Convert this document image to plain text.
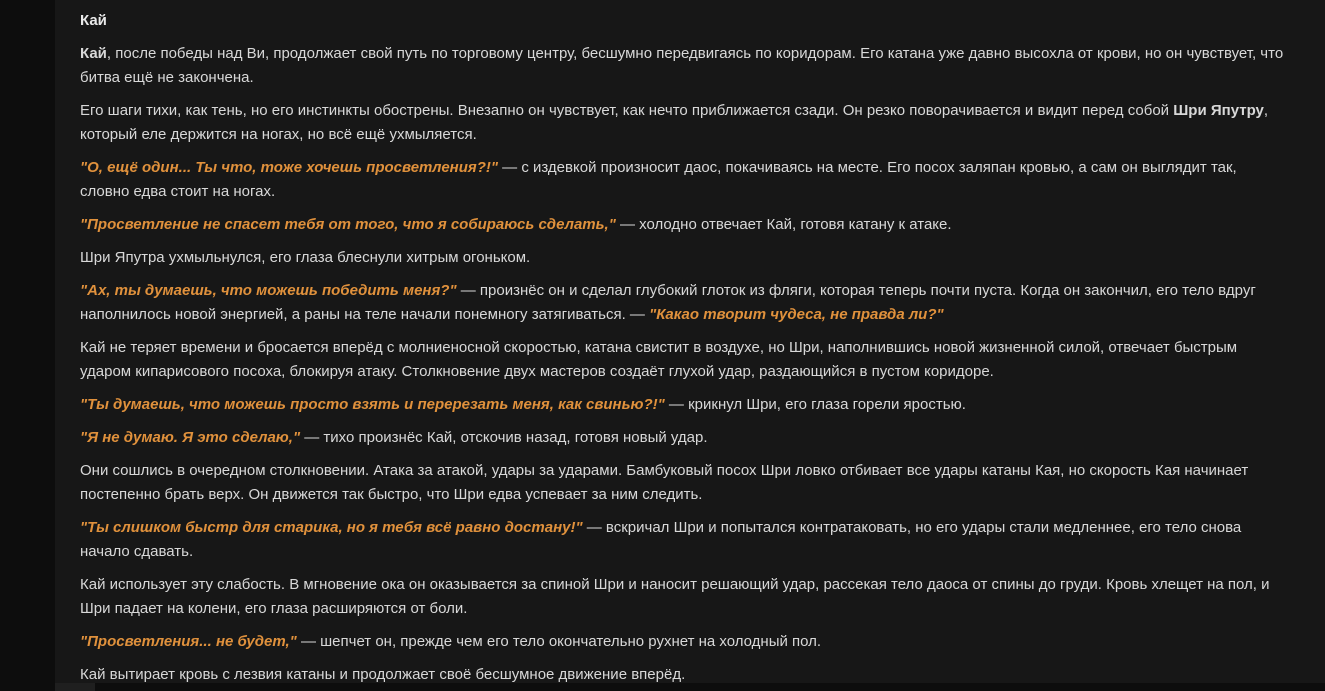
Кай

Кай, после победы над Ви, продолжает свой путь по торговому центру, бесшумно передвигаясь по коридорам. Его катана уже давно высохла от крови, но он чувствует, что битва ещё не закончена.

Его шаги тихи, как тень, но его инстинкты обострены. Внезапно он чувствует, как нечто приближается сзади. Он резко поворачивается и видит перед собой Шри Япутру, который еле держится на ногах, но всё ещё ухмыляется.

"О, ещё один... Ты что, тоже хочешь просветления?!" — с издевкой произносит даос, покачиваясь на месте. Его посох заляпан кровью, а сам он выглядит так, словно едва стоит на ногах.

"Просветление не спасет тебя от того, что я собираюсь сделать," — холодно отвечает Кай, готовя катану к атаке.

Шри Япутра ухмыльнулся, его глаза блеснули хитрым огоньком.

"Ах, ты думаешь, что можешь победить меня?" — произнёс он и сделал глубокий глоток из фляги, которая теперь почти пуста. Когда он закончил, его тело вдруг наполнилось новой энергией, а раны на теле начали понемногу затягиваться. — "Какао творит чудеса, не правда ли?"

Кай не теряет времени и бросается вперёд с молниеносной скоростью, катана свистит в воздухе, но Шри, наполнившись новой жизненной силой, отвечает быстрым ударом кипарисового посоха, блокируя атаку. Столкновение двух мастеров создаёт глухой удар, раздающийся в пустом коридоре.

"Ты думаешь, что можешь просто взять и перерезать меня, как свинью?!" — крикнул Шри, его глаза горели яростью.

"Я не думаю. Я это сделаю," — тихо произнёс Кай, отскочив назад, готовя новый удар.

Они сошлись в очередном столкновении. Атака за атакой, удары за ударами. Бамбуковый посох Шри ловко отбивает все удары катаны Кая, но скорость Кая начинает постепенно брать верх. Он движется так быстро, что Шри едва успевает за ним следить.

"Ты слишком быстр для старика, но я тебя всё равно достану!" — вскричал Шри и попытался контратаковать, но его удары стали медленнее, его тело снова начало сдавать.

Кай использует эту слабость. В мгновение ока он оказывается за спиной Шри и наносит решающий удар, рассекая тело даоса от спины до груди. Кровь хлещет на пол, и Шри падает на колени, его глаза расширяются от боли.

"Просветления... не будет," — шепчет он, прежде чем его тело окончательно рухнет на холодный пол.

Кай вытирает кровь с лезвия катаны и продолжает своё бесшумное движение вперёд.
